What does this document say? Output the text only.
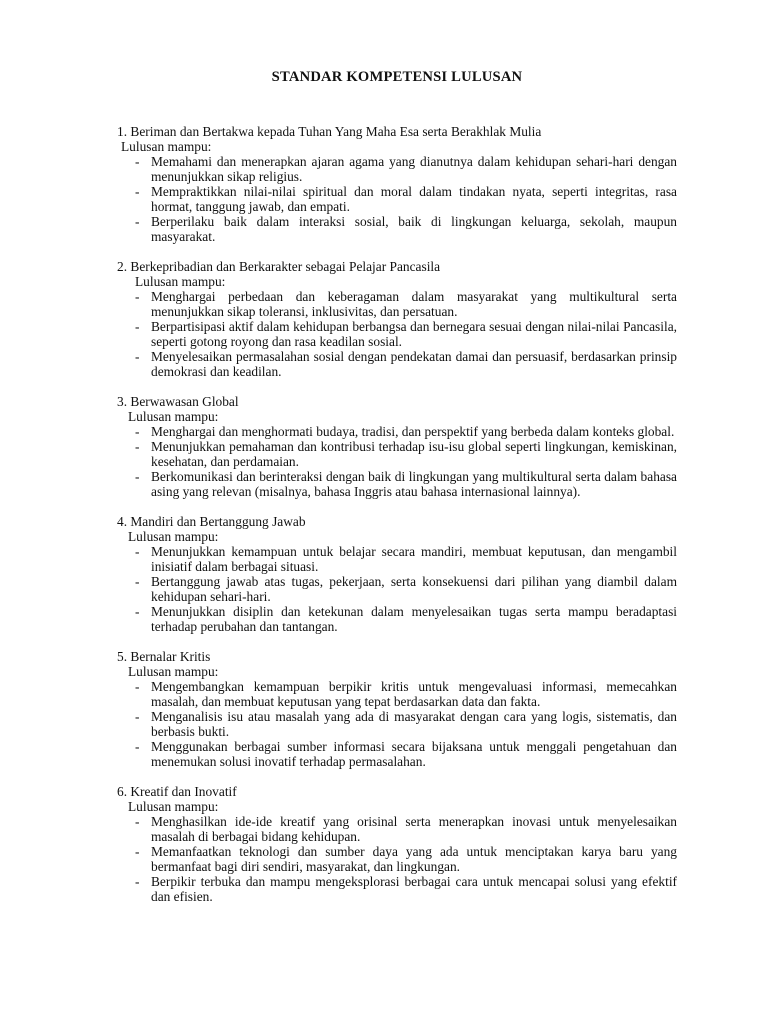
STANDAR KOMPETENSI LULUSAN
1. Beriman dan Bertakwa kepada Tuhan Yang Maha Esa serta Berakhlak Mulia
Lulusan mampu:
- Memahami dan menerapkan ajaran agama yang dianutnya dalam kehidupan sehari-hari dengan menunjukkan sikap religius.
- Mempraktikkan nilai-nilai spiritual dan moral dalam tindakan nyata, seperti integritas, rasa hormat, tanggung jawab, dan empati.
- Berperilaku baik dalam interaksi sosial, baik di lingkungan keluarga, sekolah, maupun masyarakat.
2. Berkepribadian dan Berkarakter sebagai Pelajar Pancasila
Lulusan mampu:
- Menghargai perbedaan dan keberagaman dalam masyarakat yang multikultural serta menunjukkan sikap toleransi, inklusivitas, dan persatuan.
- Berpartisipasi aktif dalam kehidupan berbangsa dan bernegara sesuai dengan nilai-nilai Pancasila, seperti gotong royong dan rasa keadilan sosial.
- Menyelesaikan permasalahan sosial dengan pendekatan damai dan persuasif, berdasarkan prinsip demokrasi dan keadilan.
3. Berwawasan Global
Lulusan mampu:
- Menghargai dan menghormati budaya, tradisi, dan perspektif yang berbeda dalam konteks global.
- Menunjukkan pemahaman dan kontribusi terhadap isu-isu global seperti lingkungan, kemiskinan, kesehatan, dan perdamaian.
- Berkomunikasi dan berinteraksi dengan baik di lingkungan yang multikultural serta dalam bahasa asing yang relevan (misalnya, bahasa Inggris atau bahasa internasional lainnya).
4. Mandiri dan Bertanggung Jawab
Lulusan mampu:
- Menunjukkan kemampuan untuk belajar secara mandiri, membuat keputusan, dan mengambil inisiatif dalam berbagai situasi.
- Bertanggung jawab atas tugas, pekerjaan, serta konsekuensi dari pilihan yang diambil dalam kehidupan sehari-hari.
- Menunjukkan disiplin dan ketekunan dalam menyelesaikan tugas serta mampu beradaptasi terhadap perubahan dan tantangan.
5. Bernalar Kritis
Lulusan mampu:
- Mengembangkan kemampuan berpikir kritis untuk mengevaluasi informasi, memecahkan masalah, dan membuat keputusan yang tepat berdasarkan data dan fakta.
- Menganalisis isu atau masalah yang ada di masyarakat dengan cara yang logis, sistematis, dan berbasis bukti.
- Menggunakan berbagai sumber informasi secara bijaksana untuk menggali pengetahuan dan menemukan solusi inovatif terhadap permasalahan.
6. Kreatif dan Inovatif
Lulusan mampu:
- Menghasilkan ide-ide kreatif yang orisinal serta menerapkan inovasi untuk menyelesaikan masalah di berbagai bidang kehidupan.
- Memanfaatkan teknologi dan sumber daya yang ada untuk menciptakan karya baru yang bermanfaat bagi diri sendiri, masyarakat, dan lingkungan.
- Berpikir terbuka dan mampu mengeksplorasi berbagai cara untuk mencapai solusi yang efektif dan efisien.
